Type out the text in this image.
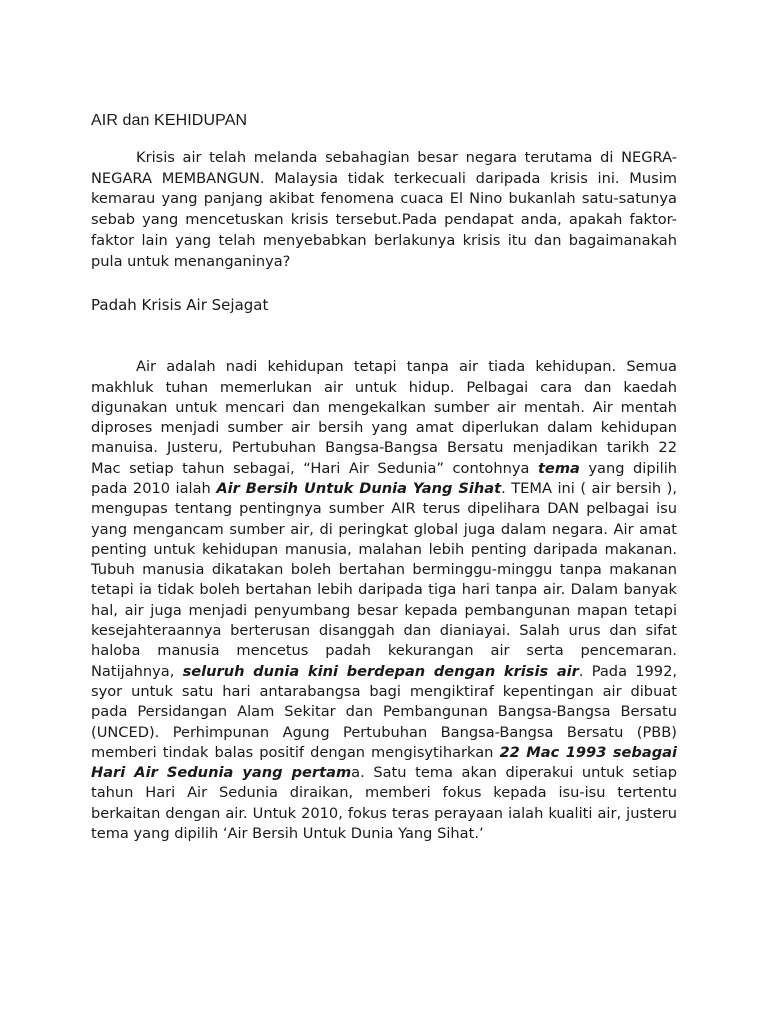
AIR dan KEHIDUPAN

Krisis air telah melanda sebahagian besar negara terutama di NEGRA-NEGARA MEMBANGUN. Malaysia tidak terkecuali daripada krisis ini. Musim kemarau yang panjang akibat fenomena cuaca El Nino bukanlah satu-satunya sebab yang mencetuskan krisis tersebut.Pada pendapat anda, apakah faktor-faktor lain yang telah menyebabkan berlakunya krisis itu dan bagaimanakah pula untuk menanganinya?

Padah Krisis Air Sejagat

Air adalah nadi kehidupan tetapi tanpa air tiada kehidupan. Semua makhluk tuhan memerlukan air untuk hidup. Pelbagai cara dan kaedah digunakan untuk mencari dan mengekalkan sumber air mentah. Air mentah diproses menjadi sumber air bersih yang amat diperlukan dalam kehidupan manuisa. Justeru, Pertubuhan Bangsa-Bangsa Bersatu menjadikan tarikh 22 Mac setiap tahun sebagai, “Hari Air Sedunia” contohnya tema yang dipilih pada 2010 ialah Air Bersih Untuk Dunia Yang Sihat. TEMA ini ( air bersih ), mengupas tentang pentingnya sumber AIR terus dipelihara DAN pelbagai isu yang mengancam sumber air, di peringkat global juga dalam negara. Air amat penting untuk kehidupan manusia, malahan lebih penting daripada makanan. Tubuh manusia dikatakan boleh bertahan berminggu-minggu tanpa makanan tetapi ia tidak boleh bertahan lebih daripada tiga hari tanpa air. Dalam banyak hal, air juga menjadi penyumbang besar kepada pembangunan mapan tetapi kesejahteraannya berterusan disanggah dan dianiayai. Salah urus dan sifat haloba manusia mencetus padah kekurangan air serta pencemaran. Natijahnya, seluruh dunia kini berdepan dengan krisis air. Pada 1992, syor untuk satu hari antarabangsa bagi mengiktiraf kepentingan air dibuat pada Persidangan Alam Sekitar dan Pembangunan Bangsa-Bangsa Bersatu (UNCED). Perhimpunan Agung Pertubuhan Bangsa-Bangsa Bersatu (PBB) memberi tindak balas positif dengan mengisytiharkan 22 Mac 1993 sebagai Hari Air Sedunia yang pertama. Satu tema akan diperakui untuk setiap tahun Hari Air Sedunia diraikan, memberi fokus kepada isu-isu tertentu berkaitan dengan air. Untuk 2010, fokus teras perayaan ialah kualiti air, justeru tema yang dipilih ‘Air Bersih Untuk Dunia Yang Sihat.’
